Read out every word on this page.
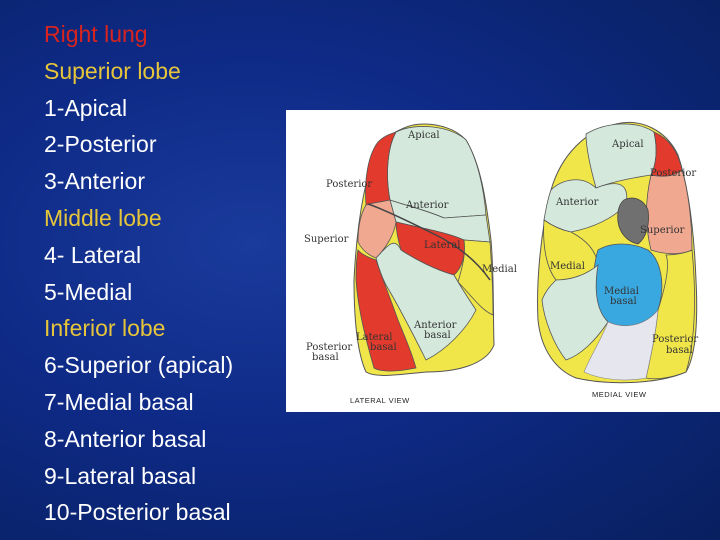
Right lung
Superior lobe
1-Apical
2-Posterior
3-Anterior
Middle lobe
4- Lateral
5-Medial
Inferior lobe
6-Superior (apical)
7-Medial basal
8-Anterior basal
9-Lateral basal
10-Posterior basal
Apical
Posterior
Anterior
Superior
Lateral
Medial
Anterior
basal
Lateral
basal
Posterior
basal
LATERAL VIEW
Apical
Posterior
Anterior
Superior
Medial
Medial
basal
Posterior
basal
MEDIAL VIEW
